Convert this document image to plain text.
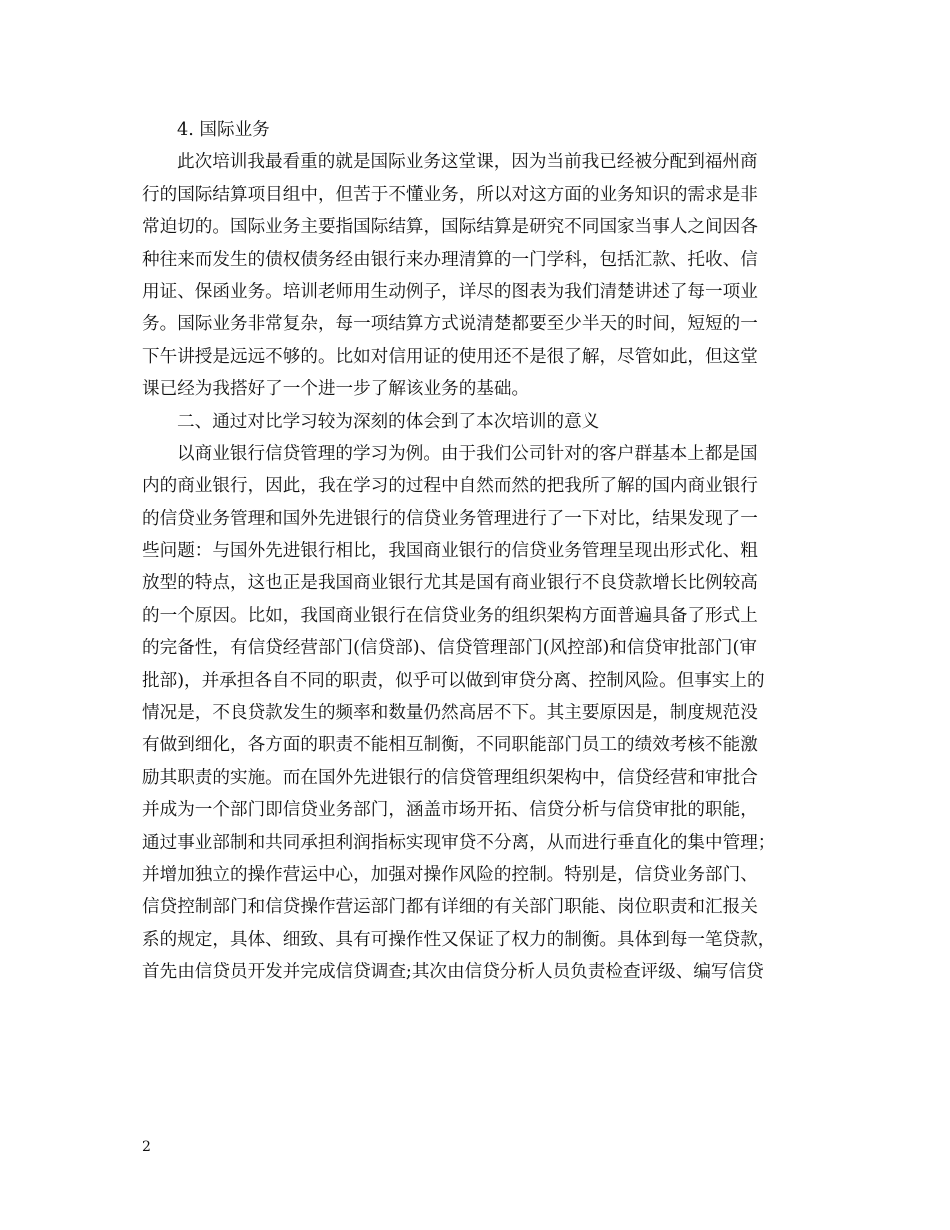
4. 国际业务
此次培训我最看重的就是国际业务这堂课，因为当前我已经被分配到福州商
行的国际结算项目组中，但苦于不懂业务，所以对这方面的业务知识的需求是非
常迫切的。国际业务主要指国际结算，国际结算是研究不同国家当事人之间因各
种往来而发生的债权债务经由银行来办理清算的一门学科，包括汇款、托收、信
用证、保函业务。培训老师用生动例子，详尽的图表为我们清楚讲述了每一项业
务。国际业务非常复杂，每一项结算方式说清楚都要至少半天的时间，短短的一
下午讲授是远远不够的。比如对信用证的使用还不是很了解，尽管如此，但这堂
课已经为我搭好了一个进一步了解该业务的基础。
二、通过对比学习较为深刻的体会到了本次培训的意义
以商业银行信贷管理的学习为例。由于我们公司针对的客户群基本上都是国
内的商业银行，因此，我在学习的过程中自然而然的把我所了解的国内商业银行
的信贷业务管理和国外先进银行的信贷业务管理进行了一下对比，结果发现了一
些问题：与国外先进银行相比，我国商业银行的信贷业务管理呈现出形式化、粗
放型的特点，这也正是我国商业银行尤其是国有商业银行不良贷款增长比例较高
的一个原因。比如，我国商业银行在信贷业务的组织架构方面普遍具备了形式上
的完备性，有信贷经营部门(信贷部)、信贷管理部门(风控部)和信贷审批部门(审
批部)，并承担各自不同的职责，似乎可以做到审贷分离、控制风险。但事实上的
情况是，不良贷款发生的频率和数量仍然高居不下。其主要原因是，制度规范没
有做到细化，各方面的职责不能相互制衡，不同职能部门员工的绩效考核不能激
励其职责的实施。而在国外先进银行的信贷管理组织架构中，信贷经营和审批合
并成为一个部门即信贷业务部门，涵盖市场开拓、信贷分析与信贷审批的职能，
通过事业部制和共同承担利润指标实现审贷不分离，从而进行垂直化的集中管理；
并增加独立的操作营运中心，加强对操作风险的控制。特别是，信贷业务部门、
信贷控制部门和信贷操作营运部门都有详细的有关部门职能、岗位职责和汇报关
系的规定，具体、细致、具有可操作性又保证了权力的制衡。具体到每一笔贷款，
首先由信贷员开发并完成信贷调查;其次由信贷分析人员负责检查评级、编写信贷
2
